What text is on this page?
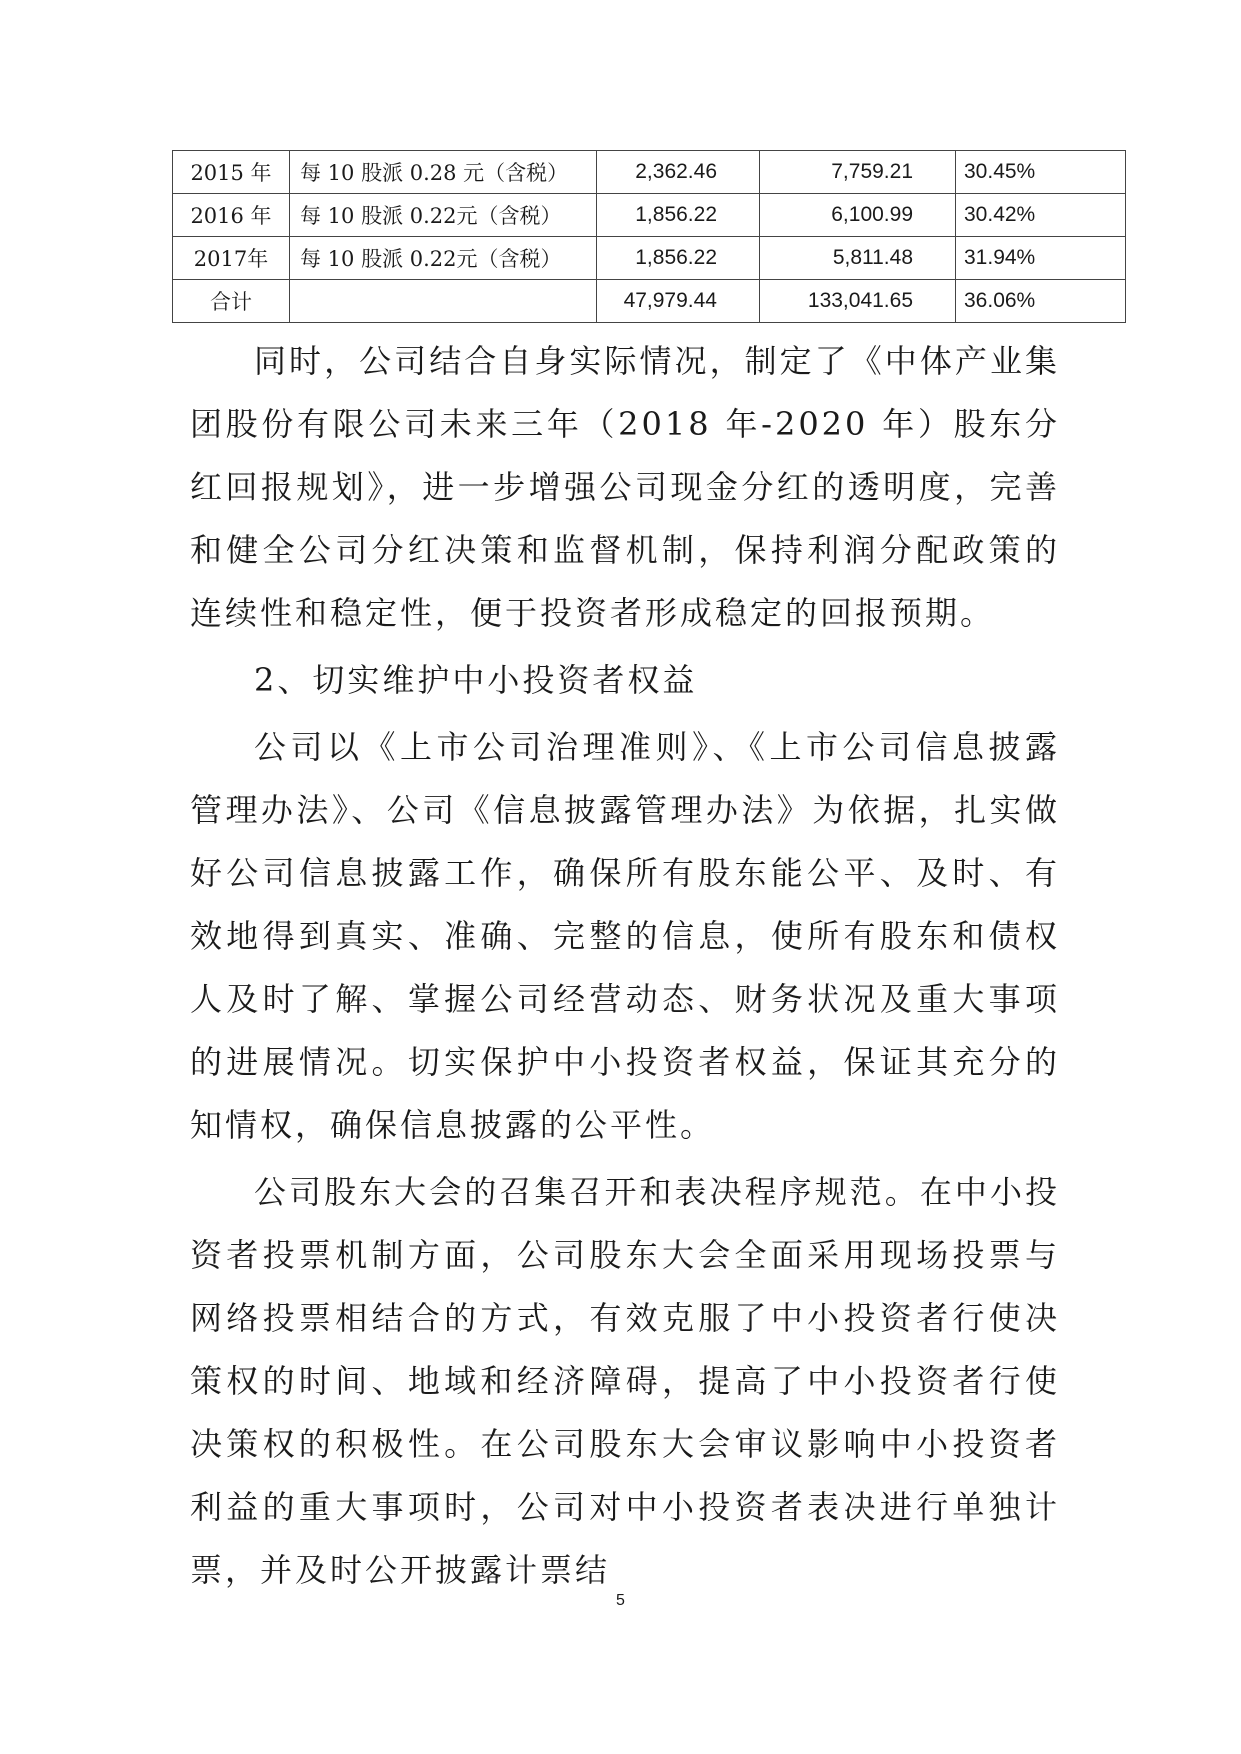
2015 年	每 10 股派 0.28 元（含税）	2,362.46	7,759.21	30.45%
2016 年	每 10 股派 0.22元（含税）	1,856.22	6,100.99	30.42%
2017年	每 10 股派 0.22元（含税）	1,856.22	5,811.48	31.94%
合计		47,979.44	133,041.65	36.06%

同时，公司结合自身实际情况，制定了《中体产业集团股份有限公司未来三年（2018 年-2020 年）股东分红回报规划》，进一步增强公司现金分红的透明度，完善和健全公司分红决策和监督机制，保持利润分配政策的连续性和稳定性，便于投资者形成稳定的回报预期。

2、切实维护中小投资者权益

公司以《上市公司治理准则》、《上市公司信息披露管理办法》、公司《信息披露管理办法》为依据，扎实做好公司信息披露工作，确保所有股东能公平、及时、有效地得到真实、准确、完整的信息，使所有股东和债权人及时了解、掌握公司经营动态、财务状况及重大事项的进展情况。切实保护中小投资者权益，保证其充分的知情权，确保信息披露的公平性。

公司股东大会的召集召开和表决程序规范。在中小投资者投票机制方面，公司股东大会全面采用现场投票与网络投票相结合的方式，有效克服了中小投资者行使决策权的时间、地域和经济障碍，提高了中小投资者行使决策权的积极性。在公司股东大会审议影响中小投资者利益的重大事项时，公司对中小投资者表决进行单独计票，并及时公开披露计票结

5
